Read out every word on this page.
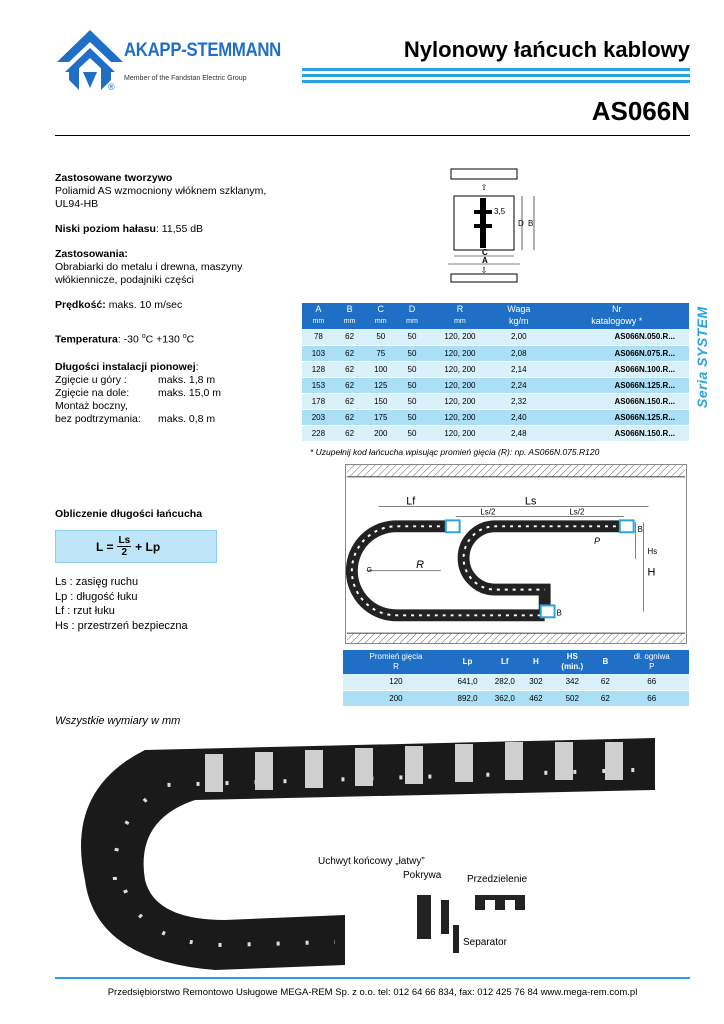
AKAPP-STEMMANN
Member of the Fandstan Electric Group
®
Nylonowy łańcuch kablowy
AS066N
Zastosowane tworzywo
Poliamid AS wzmocniony włóknem szklanym, UL94-HB
Niski poziom hałasu: 11,55 dB
Zastosowania:
Obrabiarki do metalu i drewna, maszyny włókiennicze, podajniki części
Prędkość: maks. 10 m/sec
Temperatura: -30 $^o$C +130 $^o$C
Długości instalacji pionowej:
Zgięcie u góry :	maks. 1,8 m
Zgięcie na dole:	maks. 15,0 m
Montaż boczny,
bez podtrzymania:	maks. 0,8 m
⇧
3,5
D B
C
A
⇩
Seria SYSTEM
A	B	C	D	R	Waga	Nr
mm	mm	mm	mm	mm	kg/m	katalogowy *
78	62	50	50	120, 200	2,00	AS066N.050.R...
103	62	75	50	120, 200	2,08	AS066N.075.R...
128	62	100	50	120, 200	2,14	AS066N.100.R...
153	62	125	50	120, 200	2,24	AS066N.125.R...
178	62	150	50	120, 200	2,32	AS066N.150.R...
203	62	175	50	120, 200	2,40	AS066N.125.R...
228	62	200	50	120, 200	2,48	AS066N.150.R...
* Uzupełnij kod łańcucha wpisując promień gięcia (R): np. AS066N.075.R120
Lf	Ls
Ls/2	Ls/2
R
Hs
H
P
B
B
G
Obliczenie długości łańcucha
$L = \frac{Ls}{2} + Lp$
Ls : zasięg ruchu
Lp : długość łuku
Lf : rzut łuku
Hs : przestrzeń bezpieczna
Promień gięcia
R	Lp	Lf	H	HS
(min.)	B	dł. ogniwa
P
120	641,0	282,0	302	342	62	66
200	892,0	362,0	462	502	62	66
Wszystkie wymiary w mm
Uchwyt końcowy „łatwy”
Pokrywa	Przedzielenie
Separator
Przedsiębiorstwo Remontowo Usługowe MEGA-REM Sp. z o.o. tel: 012 64 66 834, fax: 012 425 76 84 www.mega-rem.com.pl
